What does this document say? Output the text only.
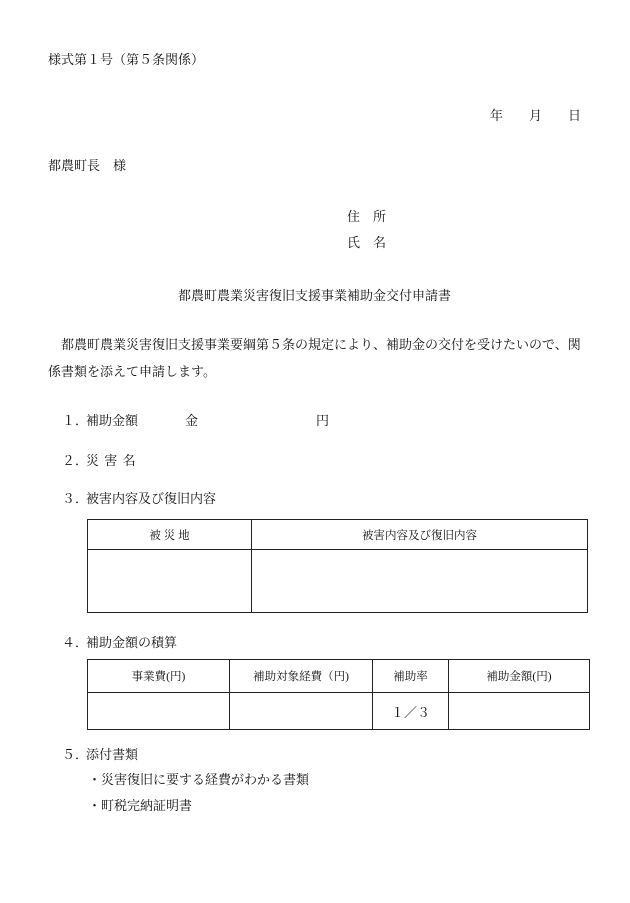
様式第１号（第５条関係）
年　　月　　日
都農町長　様
住　所
氏　名
都農町農業災害復旧支援事業補助金交付申請書
　都農町農業災害復旧支援事業要綱第５条の規定により、補助金の交付を受けたいので、関
係書類を添えて申請します。
１．補助金額	金	円
２．災 害 名
３．被害内容及び復旧内容
被 災 地	被害内容及び復旧内容

４．補助金額の積算
事業費(円)	補助対象経費（円)	補助率	補助金額(円)
		１／３	
５．添付書類
・災害復旧に要する経費がわかる書類
・町税完納証明書
